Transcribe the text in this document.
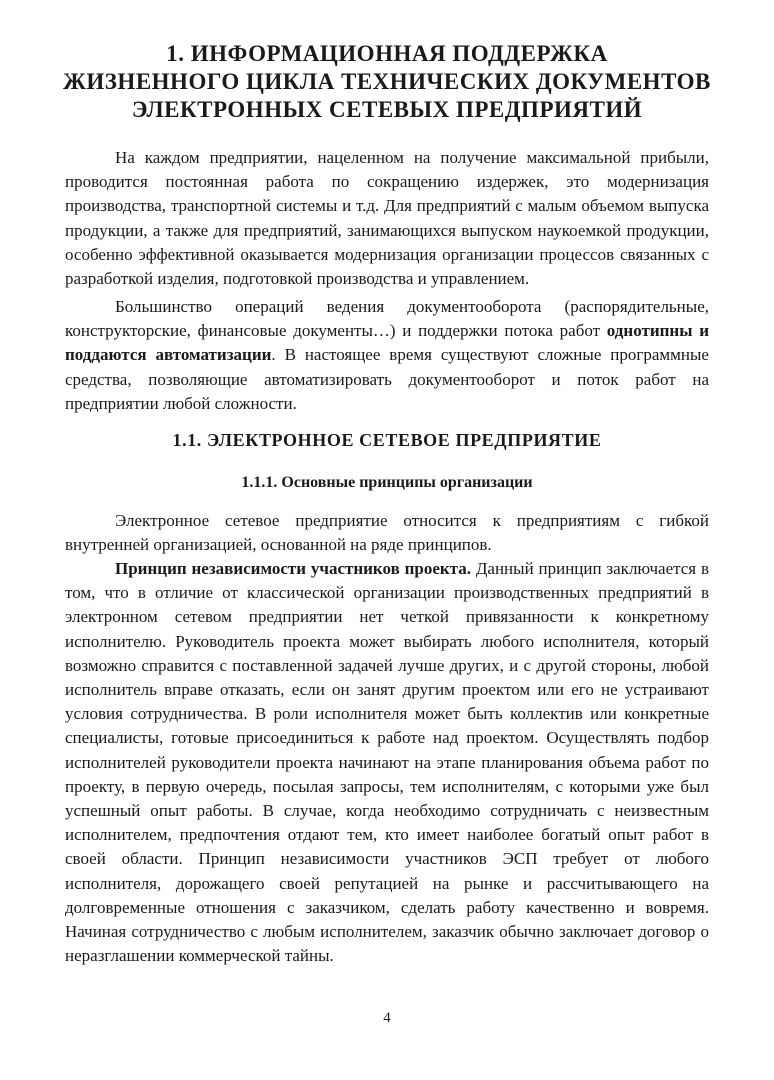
1. ИНФОРМАЦИОННАЯ ПОДДЕРЖКА
ЖИЗНЕННОГО ЦИКЛА ТЕХНИЧЕСКИХ ДОКУМЕНТОВ
ЭЛЕКТРОННЫХ СЕТЕВЫХ ПРЕДПРИЯТИЙ

На каждом предприятии, нацеленном на получение максимальной прибыли, проводится постоянная работа по сокращению издержек, это модернизация производства, транспортной системы и т.д. Для предприятий с малым объемом выпуска продукции, а также для предприятий, занимающихся выпуском наукоемкой продукции, особенно эффективной оказывается модернизация организации процессов связанных с разработкой изделия, подготовкой производства и управлением.

Большинство операций ведения документооборота (распорядительные, конструкторские, финансовые документы…) и поддержки потока работ однотипны и поддаются автоматизации. В настоящее время существуют сложные программные средства, позволяющие автоматизировать документооборот и поток работ на предприятии любой сложности.

1.1. ЭЛЕКТРОННОЕ СЕТЕВОЕ ПРЕДПРИЯТИЕ
1.1.1. Основные принципы организации

Электронное сетевое предприятие относится к предприятиям с гибкой внутренней организацией, основанной на ряде принципов.

Принцип независимости участников проекта. Данный принцип заключается в том, что в отличие от классической организации производственных предприятий в электронном сетевом предприятии нет четкой привязанности к конкретному исполнителю. Руководитель проекта может выбирать любого исполнителя, который возможно справится с поставленной задачей лучше других, и с другой стороны, любой исполнитель вправе отказать, если он занят другим проектом или его не устраивают условия сотрудничества. В роли исполнителя может быть коллектив или конкретные специалисты, готовые присоединиться к работе над проектом. Осуществлять подбор исполнителей руководители проекта начинают на этапе планирования объема работ по проекту, в первую очередь, посылая запросы, тем исполнителям, с которыми уже был успешный опыт работы. В случае, когда необходимо сотрудничать с неизвестным исполнителем, предпочтения отдают тем, кто имеет наиболее богатый опыт работ в своей области. Принцип независимости участников ЭСП требует от любого исполнителя, дорожащего своей репутацией на рынке и рассчитывающего на долговременные отношения с заказчиком, сделать работу качественно и вовремя. Начиная сотрудничество с любым исполнителем, заказчик обычно заключает договор о неразглашении коммерческой тайны.

4
